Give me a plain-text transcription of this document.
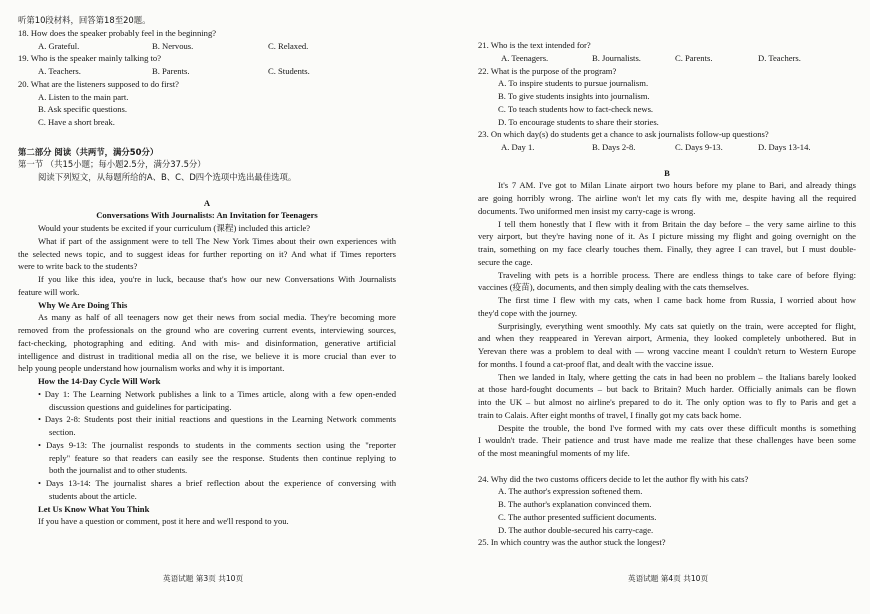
听第10段材料，回答第18至20题。
18. How does the speaker probably feel in the beginning?
A. Grateful.	B. Nervous.	C. Relaxed.
19. Who is the speaker mainly talking to?
A. Teachers.	B. Parents.	C. Students.
20. What are the listeners supposed to do first?
A. Listen to the main part.
B. Ask specific questions.
C. Have a short break.
第二部分 阅读（共两节，满分50分）
第一节 （共15小题；每小题2.5分，满分37.5分）
阅读下列短文，从每题所给的A、B、C、D四个选项中选出最佳选项。
A
Conversations With Journalists: An Invitation for Teenagers
Would your students be excited if your curriculum (课程) included this article?
What if part of the assignment were to tell The New York Times about their own experiences with
the selected news topic, and to suggest ideas for further reporting on it? And what if Times reporters
were to write back to the students?
If you like this idea, you're in luck, because that's how our new Conversations With Journalists
feature will work.
Why We Are Doing This
As many as half of all teenagers now get their news from social media. They're becoming more
removed from the professionals on the ground who are covering current events, interviewing sources,
fact-checking, photographing and editing. And with mis- and disinformation, generative artificial
intelligence and distrust in traditional media all on the rise, we believe it is more crucial than ever to
help young people understand how journalism works and why it is important.
How the 14-Day Cycle Will Work
• Day 1: The Learning Network publishes a link to a Times article, along with a few open-ended
discussion questions and guidelines for participating.
• Days 2-8: Students post their initial reactions and questions in the Learning Network comments
section.
• Days 9-13: The journalist responds to students in the comments section using the "reporter
reply" feature so that readers can easily see the response. Students then continue replying to
both the journalist and to other students.
• Days 13-14: The journalist shares a brief reflection about the experience of conversing with
students about the article.
Let Us Know What You Think
If you have a question or comment, post it here and we'll respond to you.
英语试题 第3页 共10页
21. Who is the text intended for?
A. Teenagers.	B. Journalists.	C. Parents.	D. Teachers.
22. What is the purpose of the program?
A. To inspire students to pursue journalism.
B. To give students insights into journalism.
C. To teach students how to fact-check news.
D. To encourage students to share their stories.
23. On which day(s) do students get a chance to ask journalists follow-up questions?
A. Day 1.	B. Days 2-8.	C. Days 9-13.	D. Days 13-14.
B
It's 7 AM. I've got to Milan Linate airport two hours before my plane to Bari, and already things
are going horribly wrong. The airline won't let my cats fly with me, despite having all the required
documents. Two uniformed men insist my carry-cage is wrong.
I tell them honestly that I flew with it from Britain the day before – the very same airline to this
very airport, but they're having none of it. As I picture missing my flight and going overnight on the
train, something on my face clearly touches them. Finally, they agree I can travel, but I must double-
secure the cage.
Traveling with pets is a horrible process. There are endless things to take care of before flying:
vaccines (疫苗), documents, and then simply dealing with the cats themselves.
The first time I flew with my cats, when I came back home from Russia, I worried about how
they'd cope with the journey.
Surprisingly, everything went smoothly. My cats sat quietly on the train, were accepted for flight,
and when they reappeared in Yerevan airport, Armenia, they looked completely unbothered. But in
Yerevan there was a problem to deal with — wrong vaccine meant I couldn't return to Western Europe
for months. I found a cat-proof flat, and dealt with the vaccine issue.
Then we landed in Italy, where getting the cats in had been no problem – the Italians barely looked
at those hard-fought documents – but back to Britain? Much harder. Officially animals can be flown
into the UK – but almost no airline's prepared to do it. The only option was to fly to Paris and get a
train to Calais. After eight months of travel, I finally got my cats back home.
Despite the trouble, the bond I've formed with my cats over these difficult months is something
I wouldn't trade. Their patience and trust have made me realize that these challenges have been some
of the most meaningful moments of my life.
24. Why did the two customs officers decide to let the author fly with his cats?
A. The author's expression softened them.
B. The author's explanation convinced them.
C. The author presented sufficient documents.
D. The author double-secured his carry-cage.
25. In which country was the author stuck the longest?
英语试题 第4页 共10页
